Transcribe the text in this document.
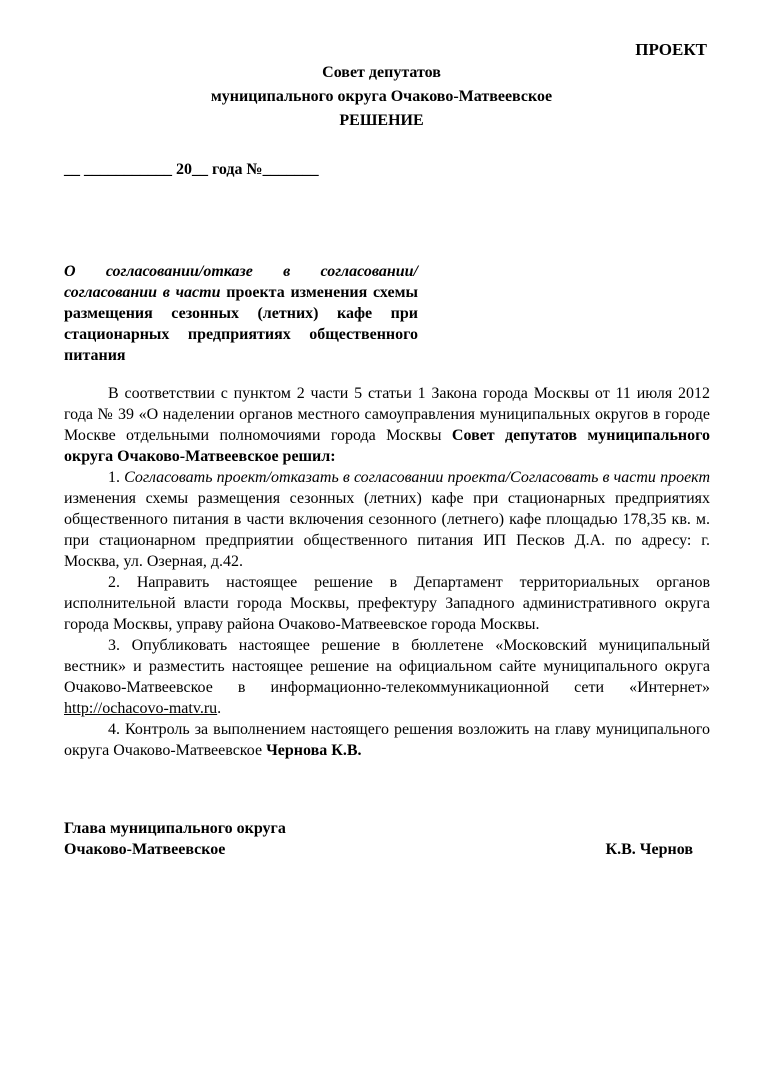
ПРОЕКТ
Совет депутатов
муниципального округа Очаково-Матвеевское
РЕШЕНИЕ
__ ___________ 20__ года №_______
О согласовании/отказе в согласовании/согласовании в части проекта изменения схемы размещения сезонных (летних) кафе при стационарных предприятиях общественного питания

В соответствии с пунктом 2 части 5 статьи 1 Закона города Москвы от 11 июля 2012 года № 39 «О наделении органов местного самоуправления муниципальных округов в городе Москве отдельными полномочиями города Москвы Совет депутатов муниципального округа Очаково-Матвеевское решил:

1. Согласовать проект/отказать в согласовании проекта/Согласовать в части проект изменения схемы размещения сезонных (летних) кафе при стационарных предприятиях общественного питания в части включения сезонного (летнего) кафе площадью 178,35 кв. м. при стационарном предприятии общественного питания ИП Песков Д.А. по адресу: г. Москва, ул. Озерная, д.42.

2. Направить настоящее решение в Департамент территориальных органов исполнительной власти города Москвы, префектуру Западного административного округа города Москвы, управу района Очаково-Матвеевское города Москвы.

3. Опубликовать настоящее решение в бюллетене «Московский муниципальный вестник» и разместить настоящее решение на официальном сайте муниципального округа Очаково-Матвеевское в информационно-телекоммуникационной сети «Интернет» http://ochacovo-matv.ru.

4. Контроль за выполнением настоящего решения возложить на главу муниципального округа Очаково-Матвеевское Чернова К.В.

Глава муниципального округа
Очаково-Матвеевское	К.В. Чернов
